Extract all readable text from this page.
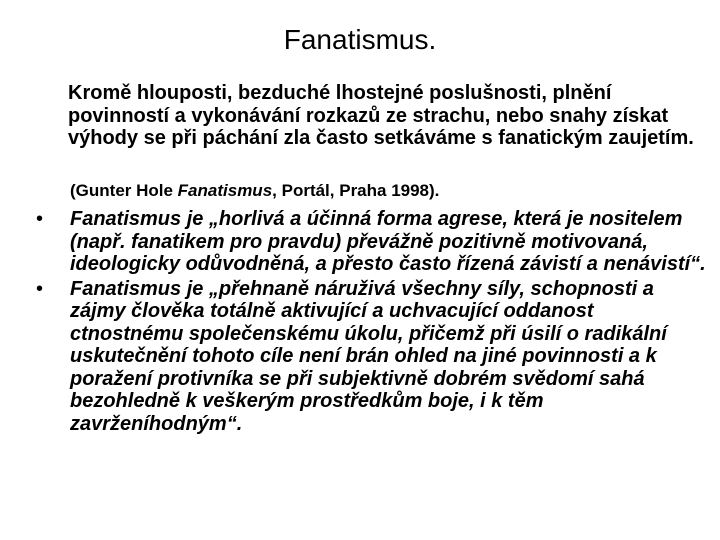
Fanatismus.
Kromě hlouposti, bezduché lhostejné poslušnosti, plnění povinností a vykonávání rozkazů ze strachu, nebo snahy získat výhody se při páchání zla často setkáváme s fanatickým zaujetím.
(Gunter Hole Fanatismus, Portál, Praha 1998).
• Fanatismus je „horlivá a účinná forma agrese, která je nositelem (např. fanatikem pro pravdu) převážně pozitivně motivovaná, ideologicky odůvodněná, a přesto často řízená závistí a nenávistí“.
• Fanatismus je „přehnaně náruživá všechny síly, schopnosti a zájmy člověka totálně aktivující a uchvacující oddanost ctnostnému společenskému úkolu, přičemž při úsilí o radikální uskutečnění tohoto cíle není brán ohled na jiné povinnosti a k poražení protivníka se při subjektivně dobrém svědomí sahá bezohledně k veškerým prostředkům boje, i k těm zavrženíhodným“.
